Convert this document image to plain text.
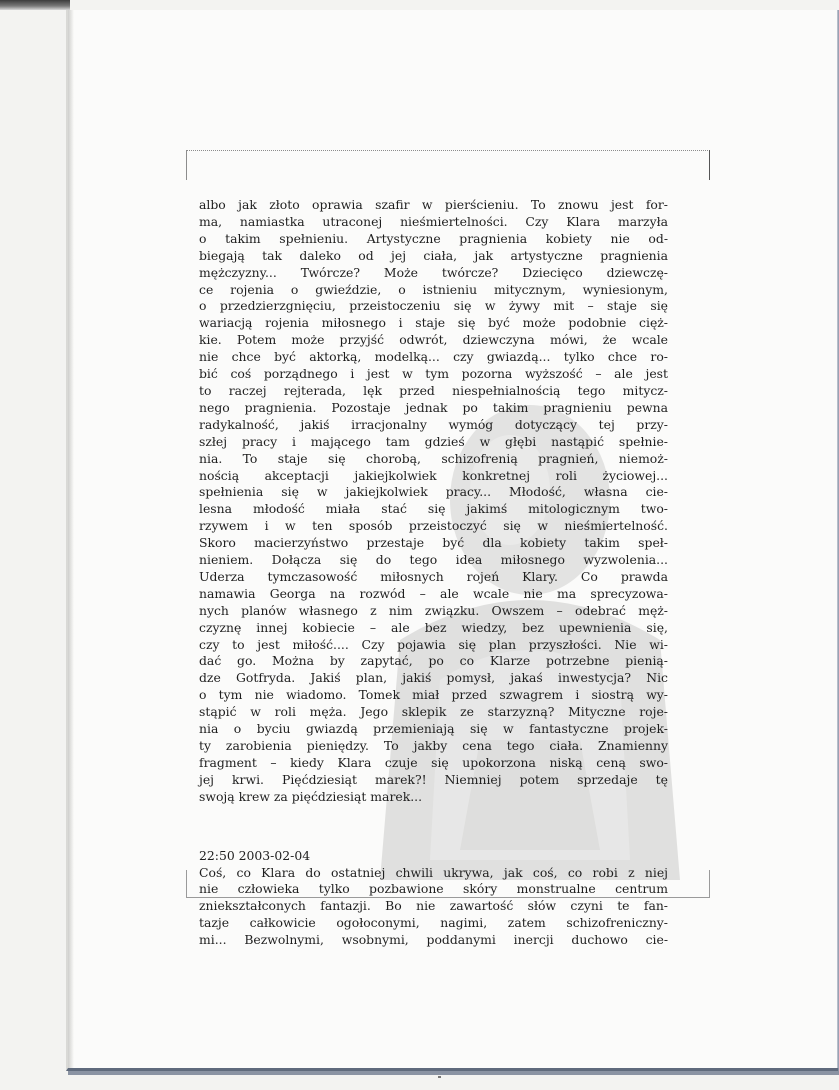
albo jak złoto oprawia szafir w pierścieniu. To znowu jest for-
ma, namiastka utraconej nieśmiertelności. Czy Klara marzyła
o takim spełnieniu. Artystyczne pragnienia kobiety nie od-
biegają tak daleko od jej ciała, jak artystyczne pragnienia
mężczyzny... Twórcze? Może twórcze? Dziecięco dziewczę-
ce rojenia o gwieździe, o istnieniu mitycznym, wyniesionym,
o przedzierzgnięciu, przeistoczeniu się w żywy mit – staje się
wariacją rojenia miłosnego i staje się być może podobnie cięż-
kie. Potem może przyjść odwrót, dziewczyna mówi, że wcale
nie chce być aktorką, modelką... czy gwiazdą... tylko chce ro-
bić coś porządnego i jest w tym pozorna wyższość – ale jest
to raczej rejterada, lęk przed niespełnialnością tego mitycz-
nego pragnienia. Pozostaje jednak po takim pragnieniu pewna
radykalność, jakiś irracjonalny wymóg dotyczący tej przy-
szłej pracy i mającego tam gdzieś w głębi nastąpić spełnie-
nia. To staje się chorobą, schizofrenią pragnień, niemoż-
nością akceptacji jakiejkolwiek konkretnej roli życiowej...
spełnienia się w jakiejkolwiek pracy... Młodość, własna cie-
lesna młodość miała stać się jakimś mitologicznym two-
rzywem i w ten sposób przeistoczyć się w nieśmiertelność.
Skoro macierzyństwo przestaje być dla kobiety takim speł-
nieniem. Dołącza się do tego idea miłosnego wyzwolenia...
Uderza tymczasowość miłosnych rojeń Klary. Co prawda
namawia Georga na rozwód – ale wcale nie ma sprecyzowa-
nych planów własnego z nim związku. Owszem – odebrać męż-
czyznę innej kobiecie – ale bez wiedzy, bez upewnienia się,
czy to jest miłość.... Czy pojawia się plan przyszłości. Nie wi-
dać go. Można by zapytać, po co Klarze potrzebne pienią-
dze Gotfryda. Jakiś plan, jakiś pomysł, jakaś inwestycja? Nic
o tym nie wiadomo. Tomek miał przed szwagrem i siostrą wy-
stąpić w roli męża. Jego sklepik ze starzyzną? Mityczne roje-
nia o byciu gwiazdą przemieniają się w fantastyczne projek-
ty zarobienia pieniędzy. To jakby cena tego ciała. Znamienny
fragment – kiedy Klara czuje się upokorzona niską ceną swo-
jej krwi. Pięćdziesiąt marek?! Niemniej potem sprzedaje tę
swoją krew za pięćdziesiąt marek...
22:50 2003-02-04
Coś, co Klara do ostatniej chwili ukrywa, jak coś, co robi z niej
nie człowieka tylko pozbawione skóry monstrualne centrum
zniekształconych fantazji. Bo nie zawartość słów czyni te fan-
tazje całkowicie ogołoconymi, nagimi, zatem schizofreniczny-
mi... Bezwolnymi, wsobnymi, poddanymi inercji duchowo cie-
